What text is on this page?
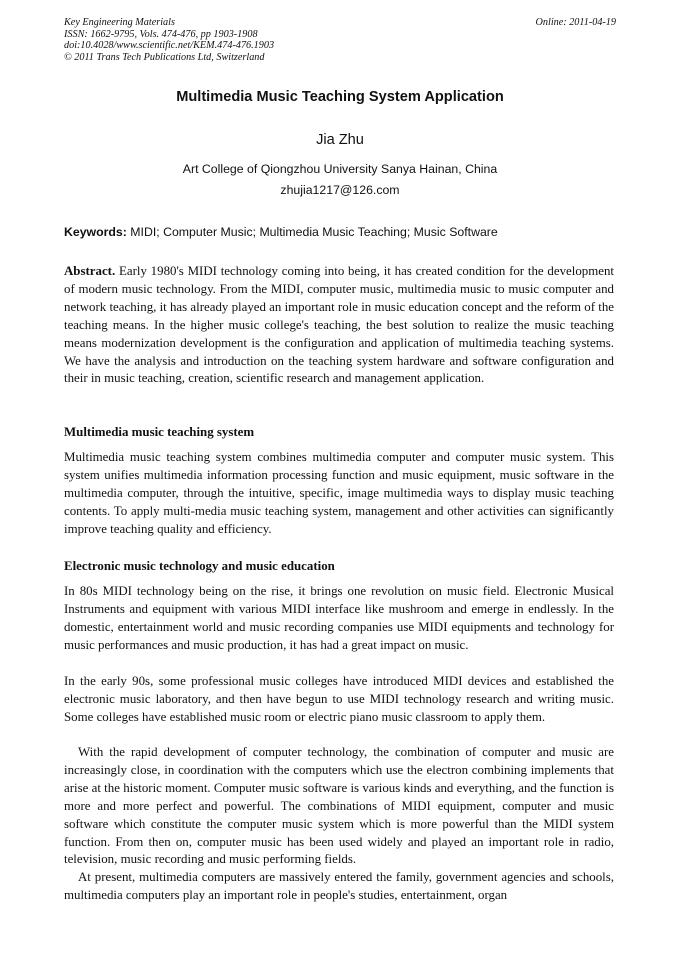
Key Engineering Materials
ISSN: 1662-9795, Vols. 474-476, pp 1903-1908
doi:10.4028/www.scientific.net/KEM.474-476.1903
© 2011 Trans Tech Publications Ltd, Switzerland
Online: 2011-04-19
Multimedia Music Teaching System Application
Jia Zhu
Art College of Qiongzhou University Sanya Hainan, China
zhujia1217@126.com
Keywords: MIDI; Computer Music; Multimedia Music Teaching; Music Software

Abstract. Early 1980's MIDI technology coming into being, it has created condition for the development of modern music technology. From the MIDI, computer music, multimedia music to music computer and network teaching, it has already played an important role in music education concept and the reform of the teaching means. In the higher music college's teaching, the best solution to realize the music teaching means modernization development is the configuration and application of multimedia teaching systems. We have the analysis and introduction on the teaching system hardware and software configuration and their in music teaching, creation, scientific research and management application.

Multimedia music teaching system

Multimedia music teaching system combines multimedia computer and computer music system. This system unifies multimedia information processing function and music equipment, music software in the multimedia computer, through the intuitive, specific, image multimedia ways to display music teaching contents. To apply multi-media music teaching system, management and other activities can significantly improve teaching quality and efficiency.

Electronic music technology and music education

In 80s MIDI technology being on the rise, it brings one revolution on music field. Electronic Musical Instruments and equipment with various MIDI interface like mushroom and emerge in endlessly. In the domestic, entertainment world and music recording companies use MIDI equipments and technology for music performances and music production, it has had a great impact on music.

In the early 90s, some professional music colleges have introduced MIDI devices and established the electronic music laboratory, and then have begun to use MIDI technology research and writing music. Some colleges have established music room or electric piano music classroom to apply them.

With the rapid development of computer technology, the combination of computer and music are increasingly close, in coordination with the computers which use the electron combining implements that arise at the historic moment. Computer music software is various kinds and everything, and the function is more and more perfect and powerful. The combinations of MIDI equipment, computer and music software which constitute the computer music system which is more powerful than the MIDI system function. From then on, computer music has been used widely and played an important role in radio, television, music recording and music performing fields.

At present, multimedia computers are massively entered the family, government agencies and schools, multimedia computers play an important role in people's studies, entertainment, organ
